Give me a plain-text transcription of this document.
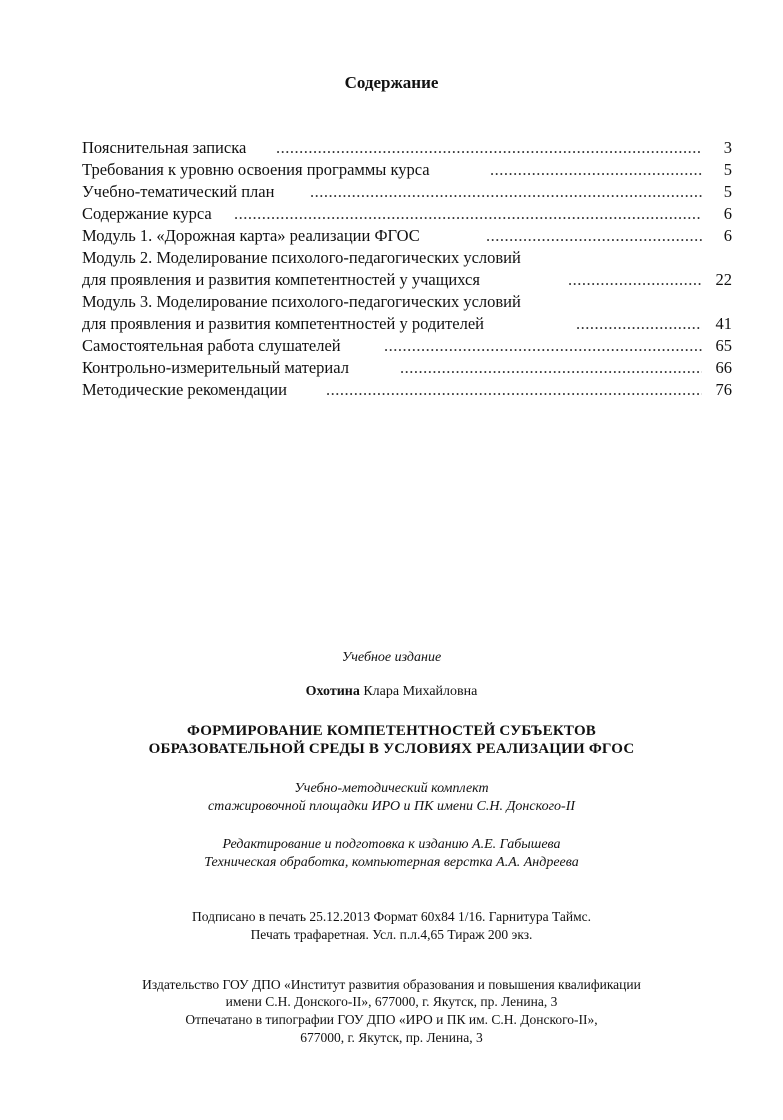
Содержание
Пояснительная записка .....	3
Требования к уровню освоения программы курса .....	5
Учебно-тематический план .....	5
Содержание курса .....	6
Модуль 1. «Дорожная карта» реализации ФГОС .....	6
Модуль 2. Моделирование психолого-педагогических условий
для проявления и развития компетентностей у учащихся .....	22
Модуль 3. Моделирование психолого-педагогических условий
для проявления и развития компетентностей у родителей .....	41
Самостоятельная работа слушателей .....	65
Контрольно-измерительный материал .....	66
Методические рекомендации .....	76
Учебное издание
Охотина Клара Михайловна
ФОРМИРОВАНИЕ КОМПЕТЕНТНОСТЕЙ СУБЪЕКТОВ
ОБРАЗОВАТЕЛЬНОЙ СРЕДЫ В УСЛОВИЯХ РЕАЛИЗАЦИИ ФГОС
Учебно-методический комплект
стажировочной площадки ИРО и ПК имени С.Н. Донского-II
Редактирование и подготовка к изданию А.Е. Габышева
Техническая обработка, компьютерная верстка А.А. Андреева
Подписано в печать 25.12.2013 Формат 60х84 1/16. Гарнитура Таймс.
Печать трафаретная. Усл. п.л.4,65 Тираж 200 экз.
Издательство ГОУ ДПО «Институт развития образования и повышения квалификации
имени С.Н. Донского-II», 677000, г. Якутск, пр. Ленина, 3
Отпечатано в типографии ГОУ ДПО «ИРО и ПК им. С.Н. Донского-II»,
677000, г. Якутск, пр. Ленина, 3
